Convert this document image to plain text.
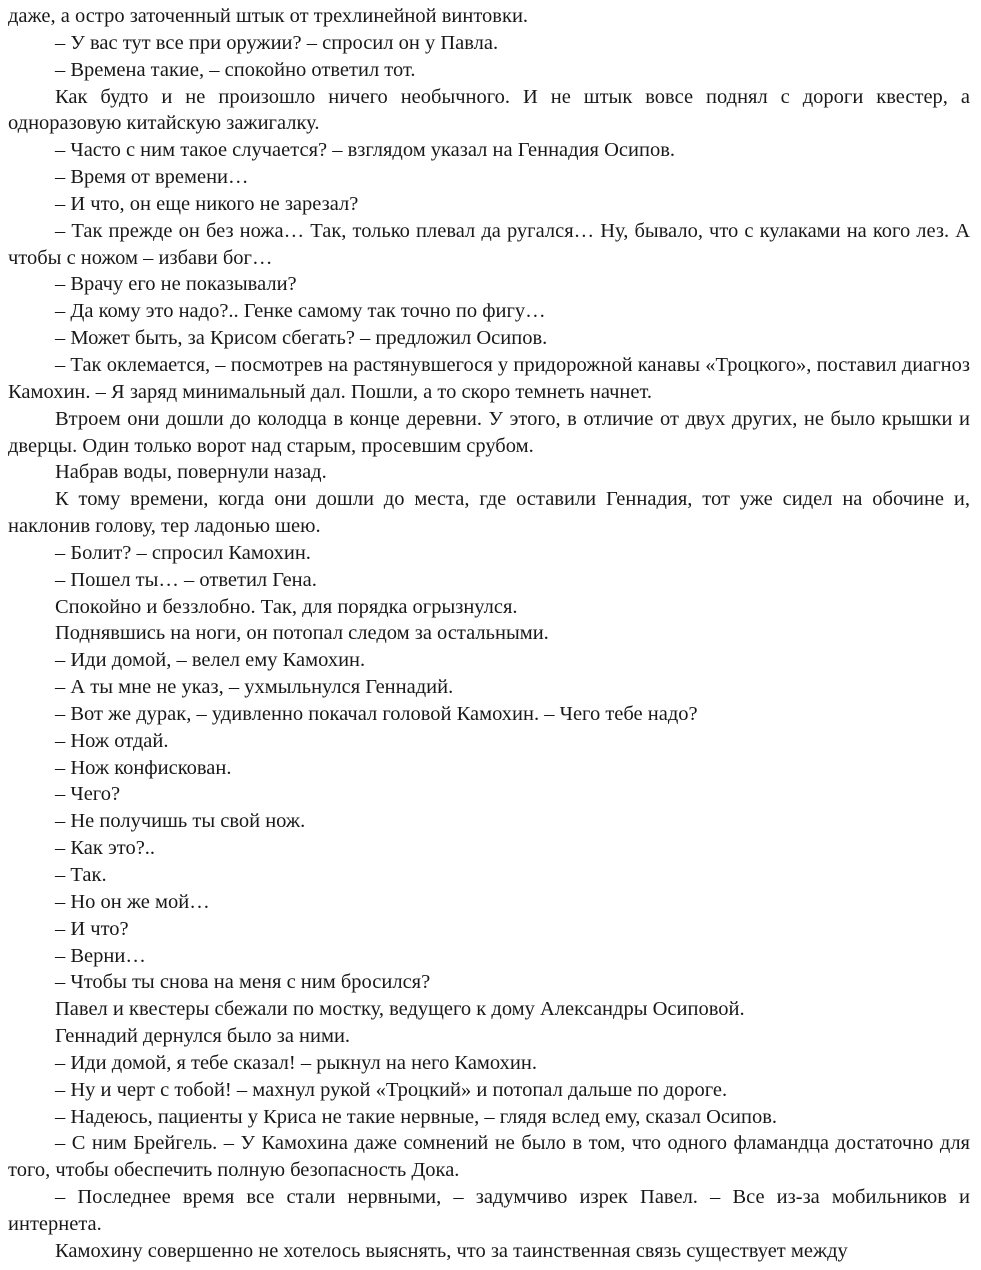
даже, а остро заточенный штык от трехлинейной винтовки.

– У вас тут все при оружии? – спросил он у Павла.

– Времена такие, – спокойно ответил тот.

Как будто и не произошло ничего необычного. И не штык вовсе поднял с дороги квестер, а одноразовую китайскую зажигалку.

– Часто с ним такое случается? – взглядом указал на Геннадия Осипов.

– Время от времени…

– И что, он еще никого не зарезал?

– Так прежде он без ножа… Так, только плевал да ругался… Ну, бывало, что с кулаками на кого лез. А чтобы с ножом – избави бог…

– Врачу его не показывали?

– Да кому это надо?.. Генке самому так точно по фигу…

– Может быть, за Крисом сбегать? – предложил Осипов.

– Так оклемается, – посмотрев на растянувшегося у придорожной канавы «Троцкого», поставил диагноз Камохин. – Я заряд минимальный дал. Пошли, а то скоро темнеть начнет.

Втроем они дошли до колодца в конце деревни. У этого, в отличие от двух других, не было крышки и дверцы. Один только ворот над старым, просевшим срубом.

Набрав воды, повернули назад.

К тому времени, когда они дошли до места, где оставили Геннадия, тот уже сидел на обочине и, наклонив голову, тер ладонью шею.

– Болит? – спросил Камохин.

– Пошел ты… – ответил Гена.

Спокойно и беззлобно. Так, для порядка огрызнулся.

Поднявшись на ноги, он потопал следом за остальными.

– Иди домой, – велел ему Камохин.

– А ты мне не указ, – ухмыльнулся Геннадий.

– Вот же дурак, – удивленно покачал головой Камохин. – Чего тебе надо?

– Нож отдай.

– Нож конфискован.

– Чего?

– Не получишь ты свой нож.

– Как это?..

– Так.

– Но он же мой…

– И что?

– Верни…

– Чтобы ты снова на меня с ним бросился?

Павел и квестеры сбежали по мостку, ведущего к дому Александры Осиповой.

Геннадий дернулся было за ними.

– Иди домой, я тебе сказал! – рыкнул на него Камохин.

– Ну и черт с тобой! – махнул рукой «Троцкий» и потопал дальше по дороге.

– Надеюсь, пациенты у Криса не такие нервные, – глядя вслед ему, сказал Осипов.

– С ним Брейгель. – У Камохина даже сомнений не было в том, что одного фламандца достаточно для того, чтобы обеспечить полную безопасность Дока.

– Последнее время все стали нервными, – задумчиво изрек Павел. – Все из-за мобильников и интернета.

Камохину совершенно не хотелось выяснять, что за таинственная связь существует между
